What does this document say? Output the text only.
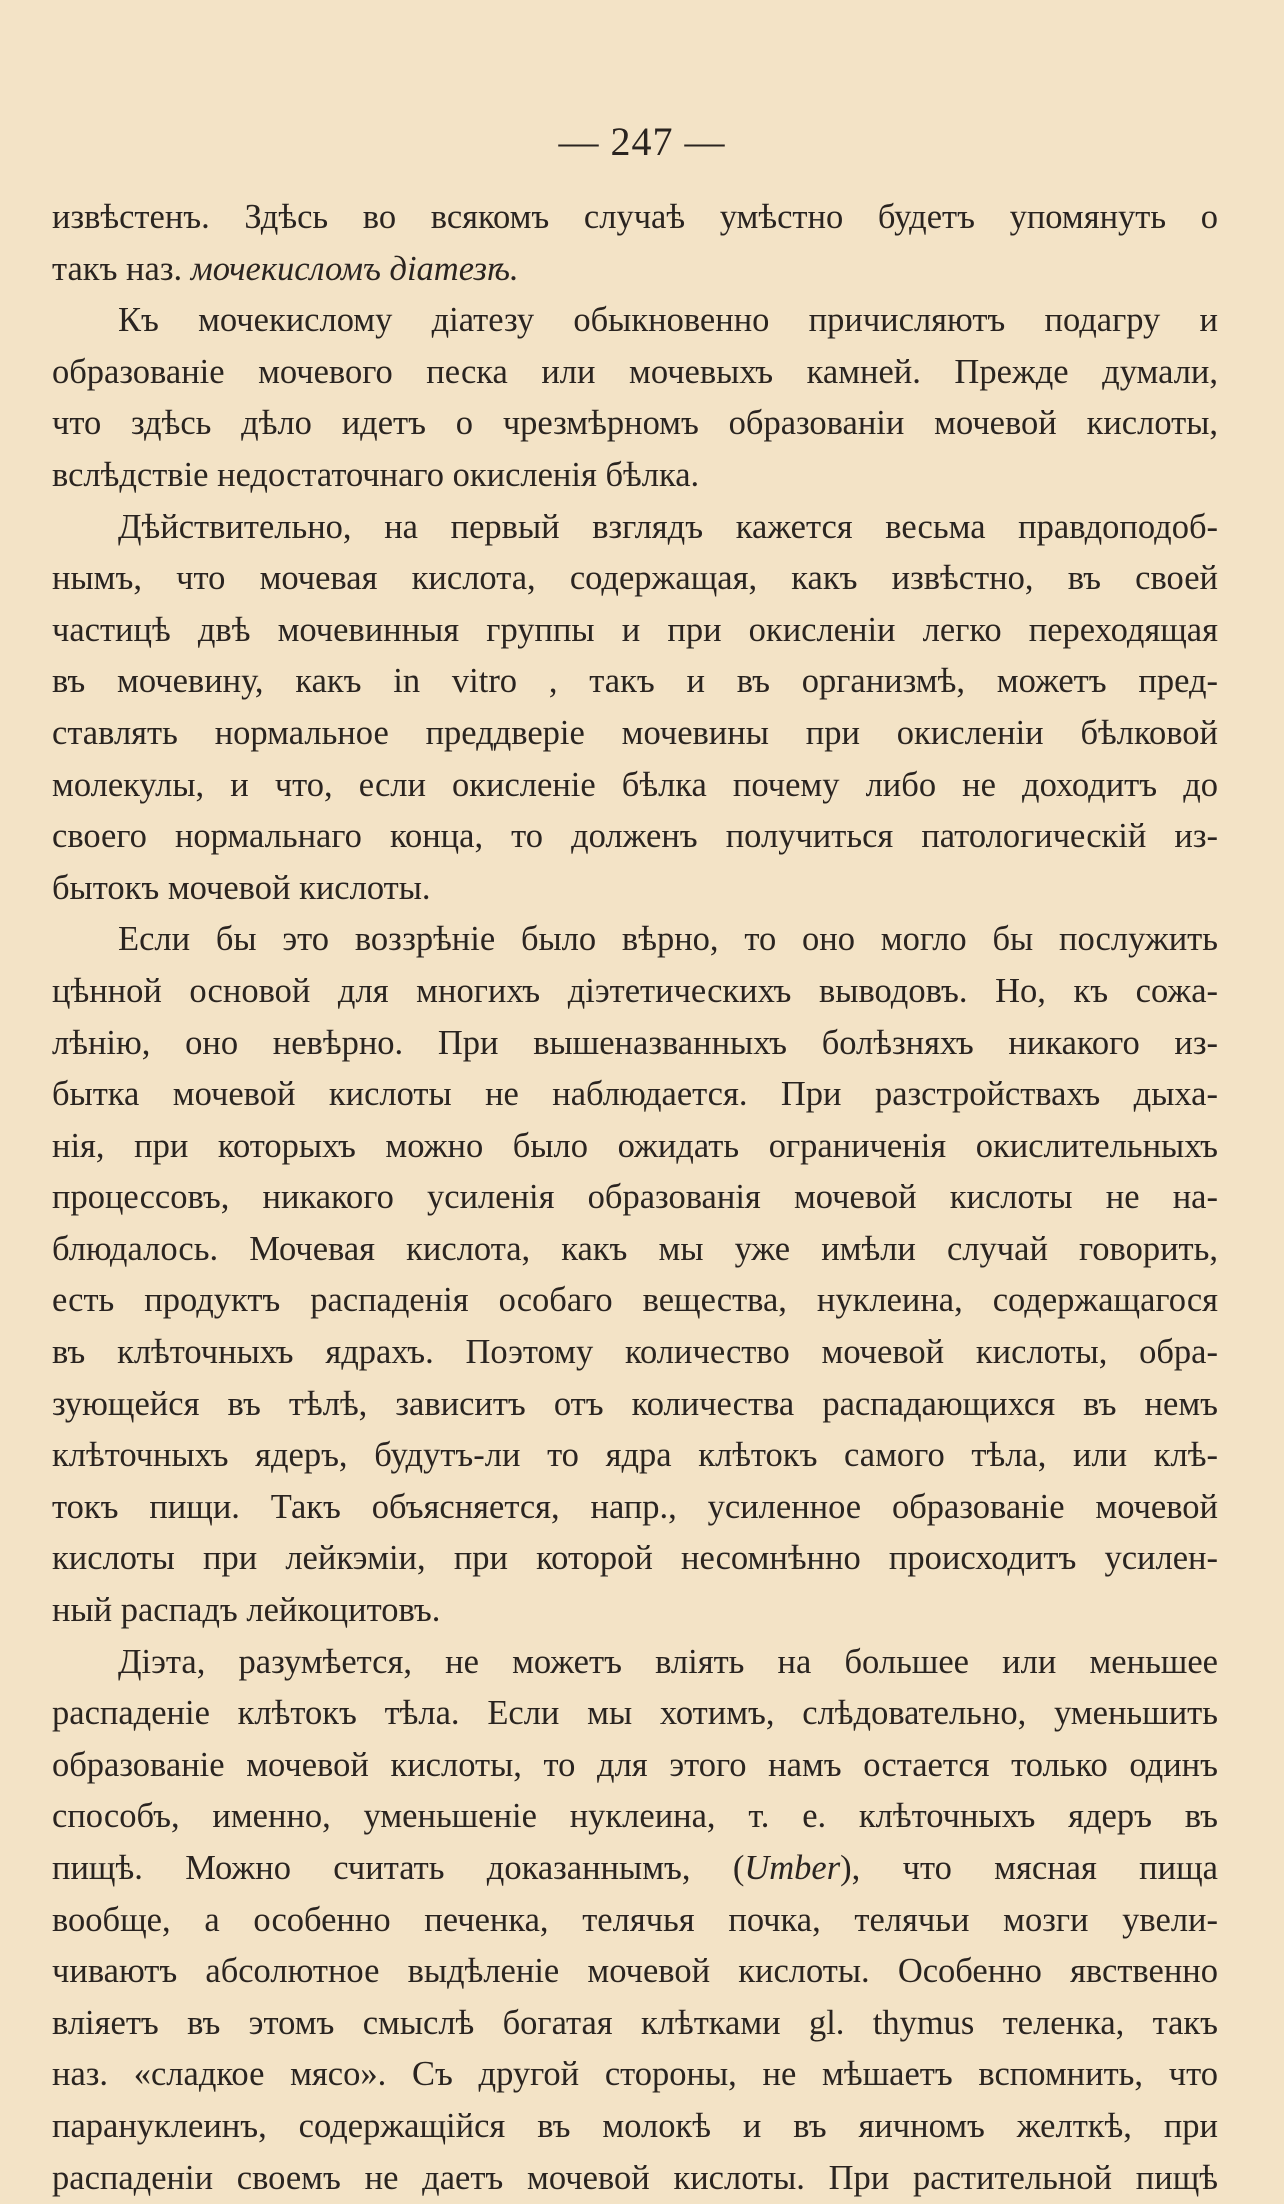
— 247 —
извѣстенъ. Здѣсь во всякомъ случаѣ умѣстно будетъ упомянуть о
такъ наз. мочекисломъ діатезѣ.
Къ мочекислому діатезу обыкновенно причисляютъ подагру и
образованіе мочевого песка или мочевыхъ камней. Прежде думали,
что здѣсь дѣло идетъ о чрезмѣрномъ образованіи мочевой кислоты,
вслѣдствіе недостаточнаго окисленія бѣлка.
Дѣйствительно, на первый взглядъ кажется весьма правдоподоб-
нымъ, что мочевая кислота, содержащая, какъ извѣстно, въ своей
частицѣ двѣ мочевинныя группы и при окисленіи легко переходящая
въ мочевину, какъ in vitro , такъ и въ организмѣ, можетъ пред-
ставлять нормальное преддверіе мочевины при окисленіи бѣлковой
молекулы, и что, если окисленіе бѣлка почему либо не доходитъ до
своего нормальнаго конца, то долженъ получиться патологическій из-
бытокъ мочевой кислоты.
Если бы это воззрѣніе было вѣрно, то оно могло бы послужить
цѣнной основой для многихъ діэтетическихъ выводовъ. Но, къ сожа-
лѣнію, оно невѣрно. При вышеназванныхъ болѣзняхъ никакого из-
бытка мочевой кислоты не наблюдается. При разстройствахъ дыха-
нія, при которыхъ можно было ожидать ограниченія окислительныхъ
процессовъ, никакого усиленія образованія мочевой кислоты не на-
блюдалось. Мочевая кислота, какъ мы уже имѣли случай говорить,
есть продуктъ распаденія особаго вещества, нуклеина, содержащагося
въ клѣточныхъ ядрахъ. Поэтому количество мочевой кислоты, обра-
зующейся въ тѣлѣ, зависитъ отъ количества распадающихся въ немъ
клѣточныхъ ядеръ, будутъ-ли то ядра клѣтокъ самого тѣла, или клѣ-
токъ пищи. Такъ объясняется, напр., усиленное образованіе мочевой
кислоты при лейкэміи, при которой несомнѣнно происходитъ усилен-
ный распадъ лейкоцитовъ.
Діэта, разумѣется, не можетъ вліять на большее или меньшее
распаденіе клѣтокъ тѣла. Если мы хотимъ, слѣдовательно, уменьшить
образованіе мочевой кислоты, то для этого намъ остается только одинъ
способъ, именно, уменьшеніе нуклеина, т. е. клѣточныхъ ядеръ въ
пищѣ. Можно считать доказаннымъ, (Umber), что мясная пища
вообще, а особенно печенка, телячья почка, телячьи мозги увели-
чиваютъ абсолютное выдѣленіе мочевой кислоты. Особенно явственно
вліяетъ въ этомъ смыслѣ богатая клѣтками gl. thymus теленка, такъ
наз. «сладкое мясо». Съ другой стороны, не мѣшаетъ вспомнить, что
парануклеинъ, содержащійся въ молокѣ и въ яичномъ желткѣ, при
распаденіи своемъ не даетъ мочевой кислоты. При растительной пищѣ
